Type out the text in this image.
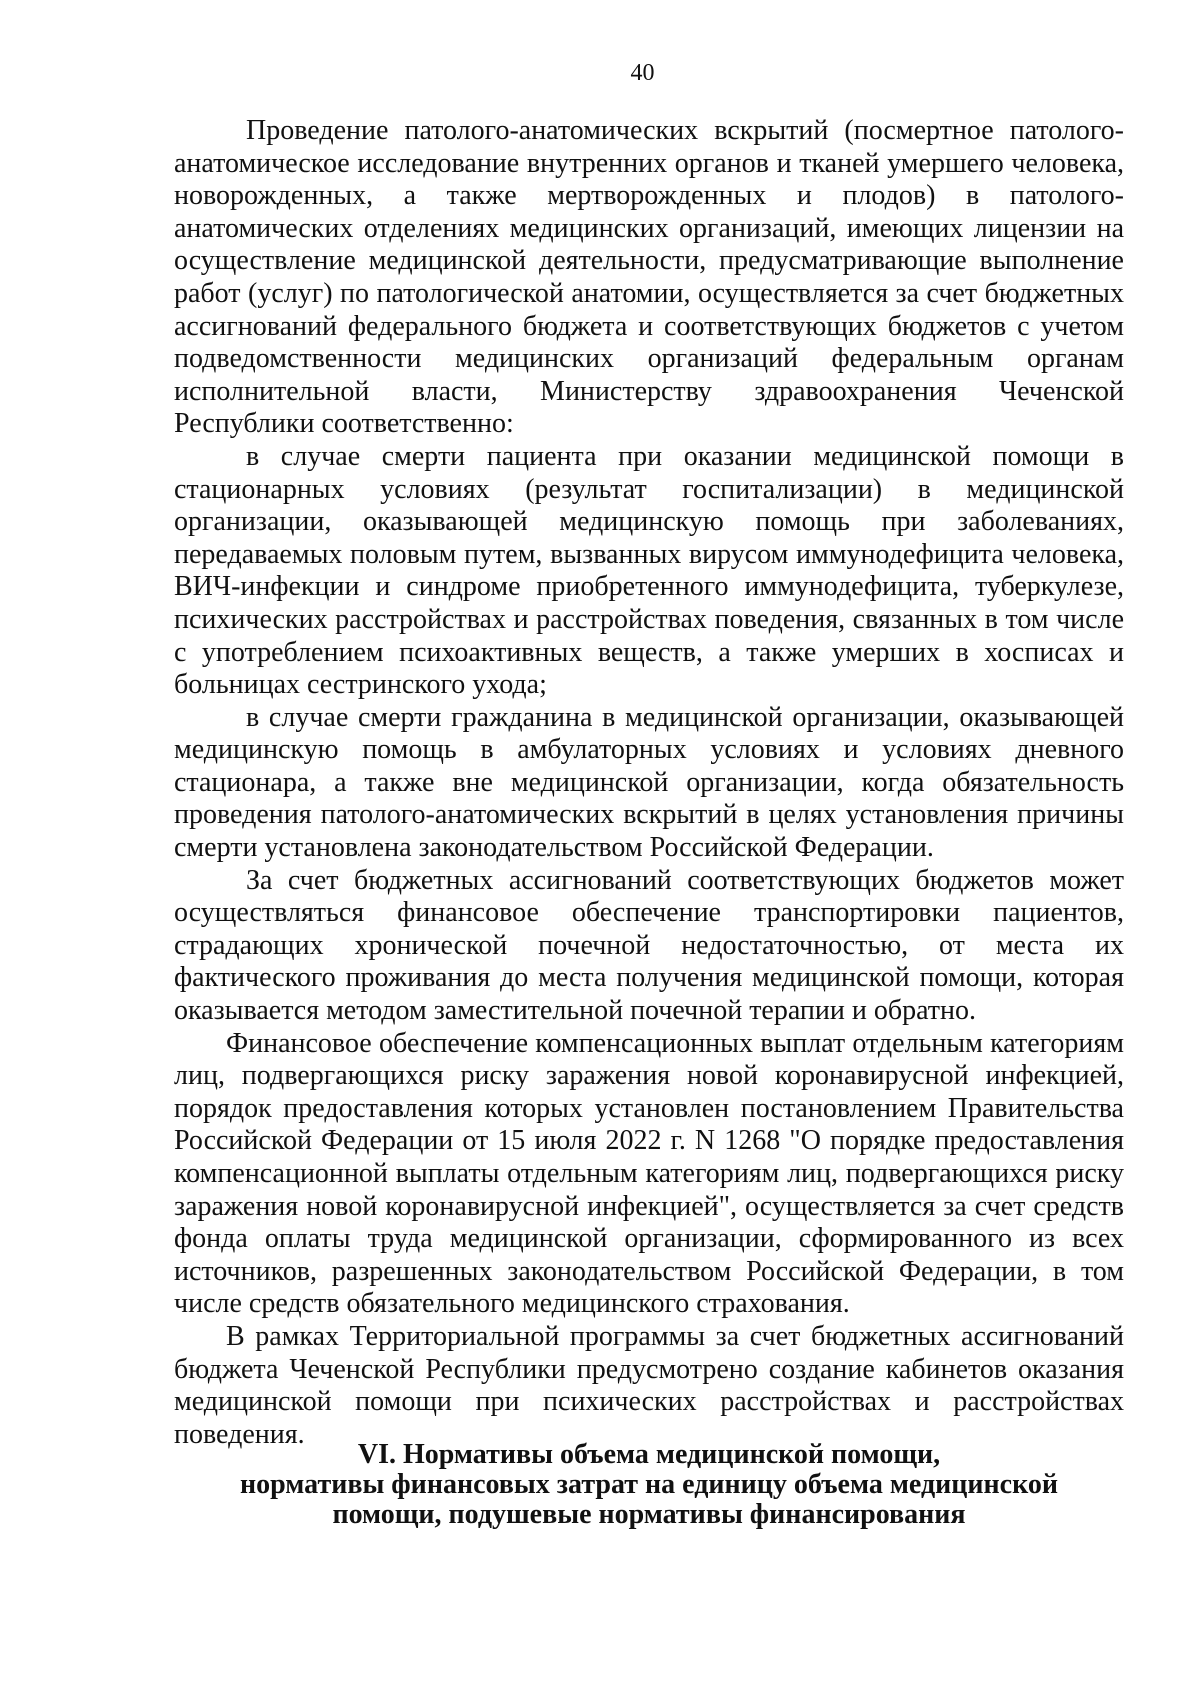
40

Проведение патолого-анатомических вскрытий (посмертное патолого-анатомическое исследование внутренних органов и тканей умершего человека, новорожденных, а также мертворожденных и плодов) в патолого-анатомических отделениях медицинских организаций, имеющих лицензии на осуществление медицинской деятельности, предусматривающие выполнение работ (услуг) по патологической анатомии, осуществляется за счет бюджетных ассигнований федерального бюджета и соответствующих бюджетов с учетом подведомственности медицинских организаций федеральным органам исполнительной власти, Министерству здравоохранения Чеченской Республики соответственно:

в случае смерти пациента при оказании медицинской помощи в стационарных условиях (результат госпитализации) в медицинской организации, оказывающей медицинскую помощь при заболеваниях, передаваемых половым путем, вызванных вирусом иммунодефицита человека, ВИЧ-инфекции и синдроме приобретенного иммунодефицита, туберкулезе, психических расстройствах и расстройствах поведения, связанных в том числе с употреблением психоактивных веществ, а также умерших в хосписах и больницах сестринского ухода;

в случае смерти гражданина в медицинской организации, оказывающей медицинскую помощь в амбулаторных условиях и условиях дневного стационара, а также вне медицинской организации, когда обязательность проведения патолого-анатомических вскрытий в целях установления причины смерти установлена законодательством Российской Федерации.

За счет бюджетных ассигнований соответствующих бюджетов может осуществляться финансовое обеспечение транспортировки пациентов, страдающих хронической почечной недостаточностью, от места их фактического проживания до места получения медицинской помощи, которая оказывается методом заместительной почечной терапии и обратно.

Финансовое обеспечение компенсационных выплат отдельным категориям лиц, подвергающихся риску заражения новой коронавирусной инфекцией, порядок предоставления которых установлен постановлением Правительства Российской Федерации от 15 июля 2022 г. N 1268 "О порядке предоставления компенсационной выплаты отдельным категориям лиц, подвергающихся риску заражения новой коронавирусной инфекцией", осуществляется за счет средств фонда оплаты труда медицинской организации, сформированного из всех источников, разрешенных законодательством Российской Федерации, в том числе средств обязательного медицинского страхования.

В рамках Территориальной программы за счет бюджетных ассигнований бюджета Чеченской Республики предусмотрено создание кабинетов оказания медицинской помощи при психических расстройствах и расстройствах поведения.

VI. Нормативы объема медицинской помощи,
нормативы финансовых затрат на единицу объема медицинской
помощи, подушевые нормативы финансирования
